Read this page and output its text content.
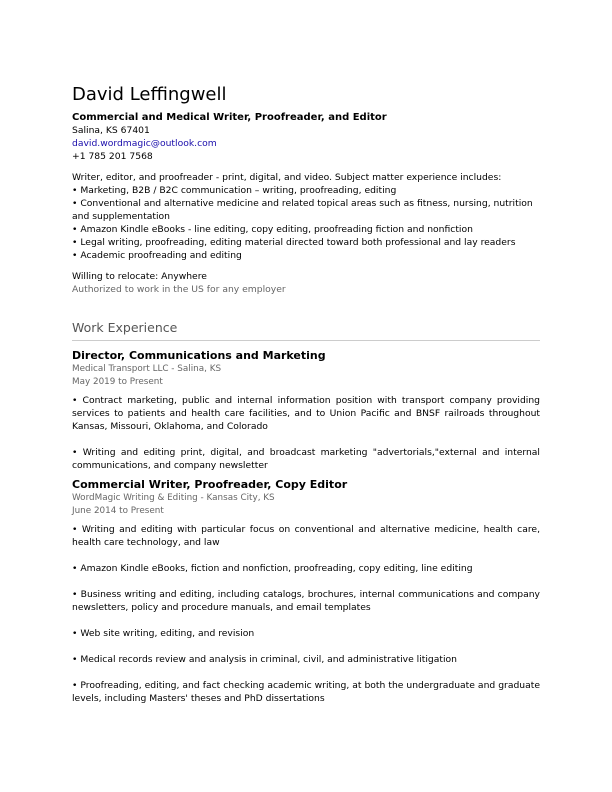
David Leffingwell
Commercial and Medical Writer, Proofreader, and Editor
Salina, KS 67401
david.wordmagic@outlook.com
+1 785 201 7568
Writer, editor, and proofreader - print, digital, and video. Subject matter experience includes:
• Marketing, B2B / B2C communication – writing, proofreading, editing
• Conventional and alternative medicine and related topical areas such as fitness, nursing, nutrition and supplementation
• Amazon Kindle eBooks - line editing, copy editing, proofreading fiction and nonfiction
• Legal writing, proofreading, editing material directed toward both professional and lay readers
• Academic proofreading and editing
Willing to relocate: Anywhere
Authorized to work in the US for any employer
Work Experience
Director, Communications and Marketing
Medical Transport LLC - Salina, KS
May 2019 to Present
• Contract marketing, public and internal information position with transport company providing services to patients and health care facilities, and to Union Pacific and BNSF railroads throughout Kansas, Missouri, Oklahoma, and Colorado
• Writing and editing print, digital, and broadcast marketing "advertorials,"external and internal communications, and company newsletter
Commercial Writer, Proofreader, Copy Editor
WordMagic Writing & Editing - Kansas City, KS
June 2014 to Present
• Writing and editing with particular focus on conventional and alternative medicine, health care, health care technology, and law
• Amazon Kindle eBooks, fiction and nonfiction, proofreading, copy editing, line editing
• Business writing and editing, including catalogs, brochures, internal communications and company newsletters, policy and procedure manuals, and email templates
• Web site writing, editing, and revision
• Medical records review and analysis in criminal, civil, and administrative litigation
• Proofreading, editing, and fact checking academic writing, at both the undergraduate and graduate levels, including Masters' theses and PhD dissertations
